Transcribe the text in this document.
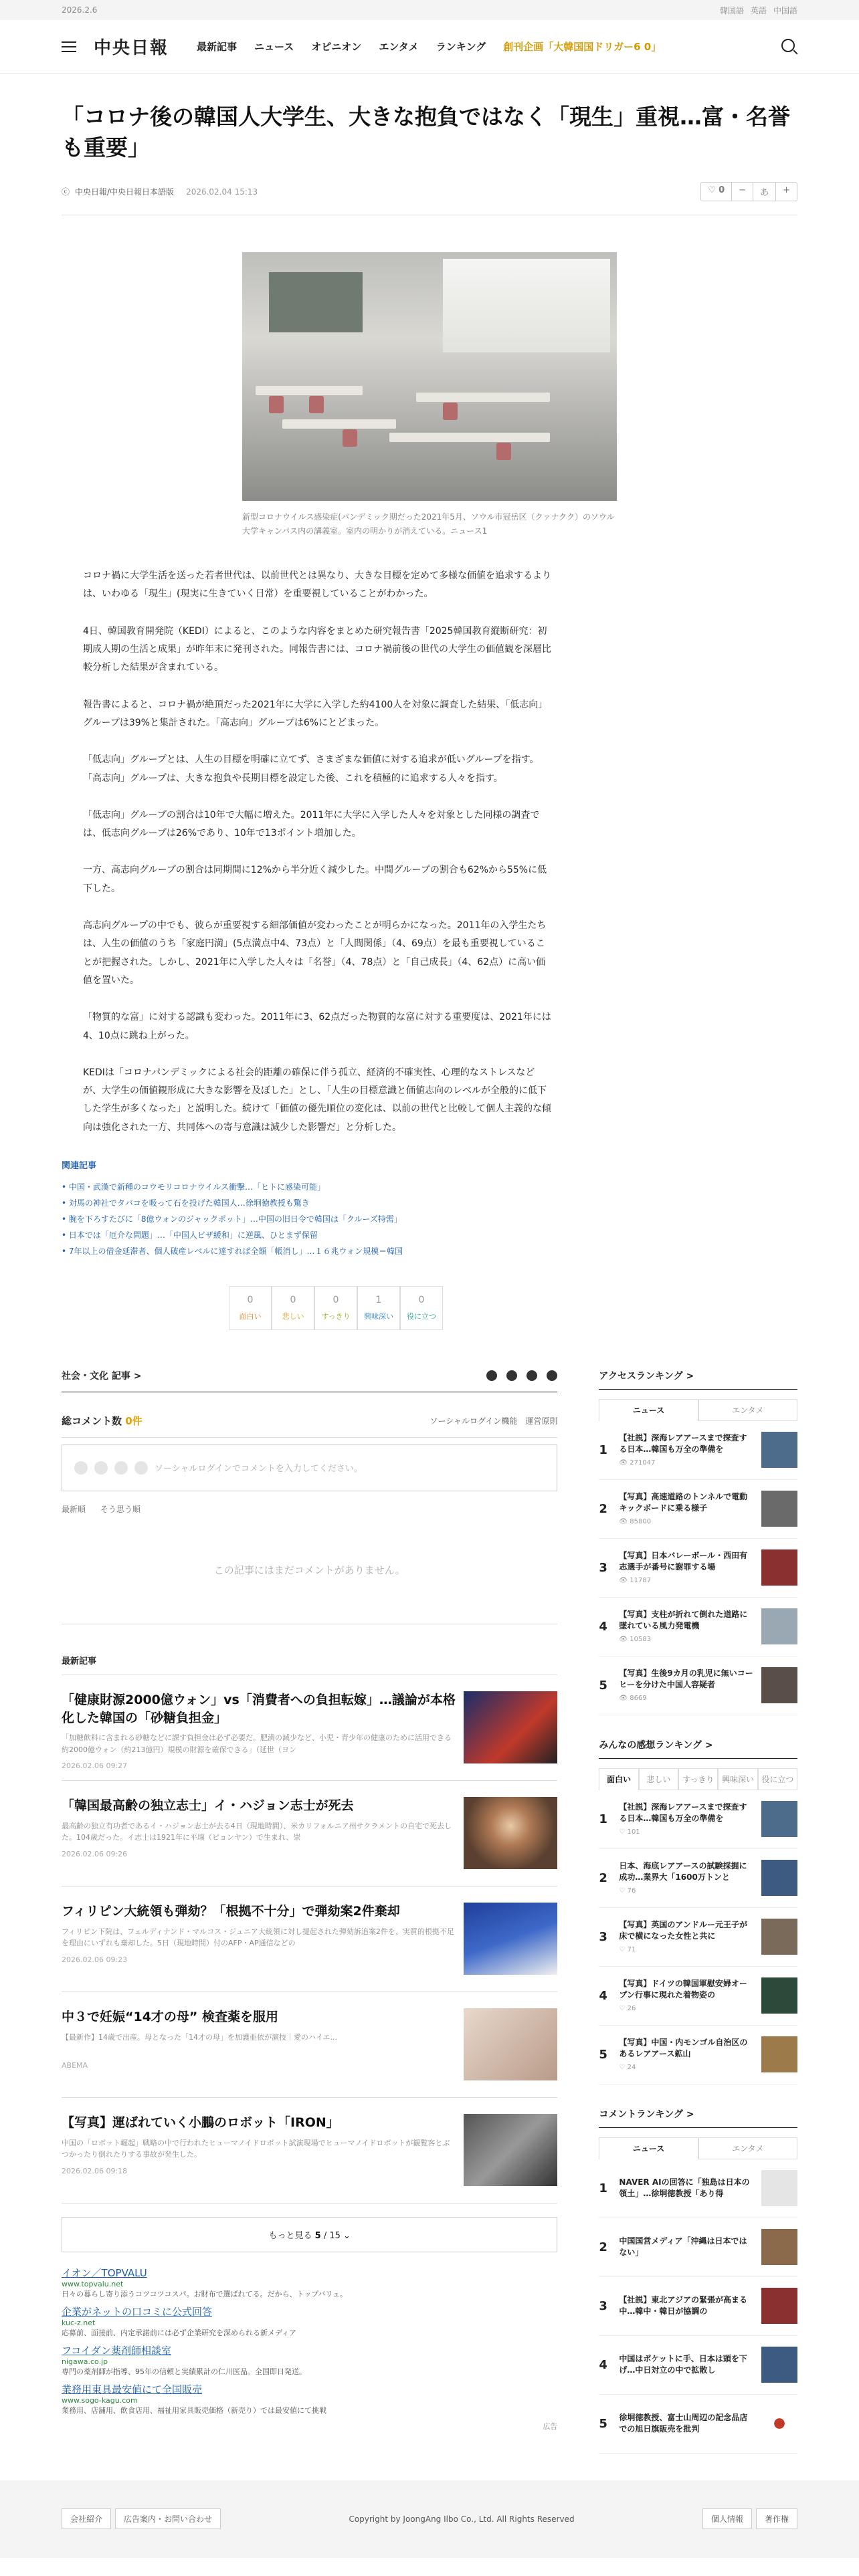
2026.2.6	韓国語 英語 中国語
中央日報	最新記事 ニュース オピニオン エンタメ ランキング 創刊企画「大韓国国ドリガー6 0」
「コロナ後の韓国人大学生、大きな抱負ではなく「現生」重視…富・名誉も重要」
ⓒ 中央日報/中央日報日本語版 2026.02.04 15:13	♡ 0	−	あ	+

新型コロナウイルス感染症(パンデミック期だった2021年5月、ソウル市冠岳区（クァナクク）のソウル大学キャンパス内の講義室。室内の明かりが消えている。ニュース1

コロナ禍に大学生活を送った若者世代は、以前世代とは異なり、大きな目標を定めて多様な価値を追求するよりは、いわゆる「現生」(現実に生きていく日常）を重要視していることがわかった。

4日、韓国教育開発院（KEDI）によると、このような内容をまとめた研究報告書「2025韓国教育縦断研究：初期成人期の生活と成果」が昨年末に発刊された。同報告書には、コロナ禍前後の世代の大学生の価値観を深層比較分析した結果が含まれている。

報告書によると、コロナ禍が絶頂だった2021年に大学に入学した約4100人を対象に調査した結果、「低志向」グループは39%と集計された。「高志向」グループは6%にとどまった。

「低志向」グループとは、人生の目標を明確に立てず、さまざまな価値に対する追求が低いグループを指す。「高志向」グループは、大きな抱負や長期目標を設定した後、これを積極的に追求する人々を指す。

「低志向」グループの割合は10年で大幅に増えた。2011年に大学に入学した人々を対象とした同様の調査では、低志向グループは26%であり、10年で13ポイント増加した。

一方、高志向グループの割合は同期間に12%から半分近く減少した。中間グループの割合も62%から55%に低下した。

高志向グループの中でも、彼らが重要視する細部価値が変わったことが明らかになった。2011年の入学生たちは、人生の価値のうち「家庭円満」(5点満点中4、73点）と「人間関係」（4、69点）を最も重要視していることが把握された。しかし、2021年に入学した人々は「名誉」（4、78点）と「自己成長」（4、62点）に高い価値を置いた。

「物質的な富」に対する認識も変わった。2011年に3、62点だった物質的な富に対する重要度は、2021年には4、10点に跳ね上がった。

KEDIは「コロナパンデミックによる社会的距離の確保に伴う孤立、経済的不確実性、心理的なストレスなどが、大学生の価値観形成に大きな影響を及ぼした」とし、「人生の目標意識と価値志向のレベルが全般的に低下した学生が多くなった」と説明した。続けて「価値の優先順位の変化は、以前の世代と比較して個人主義的な傾向は強化された一方、共同体への寄与意識は減少した影響だ」と分析した。

関連記事
• 中国・武漢で新種のコウモリコロナウイルス衝撃…「ヒトに感染可能」
• 対馬の神社でタバコを吸って石を投げた韓国人…徐坰徳教授も驚き
• 腕を下ろすたびに「8億ウォンのジャックポット」…中国の旧日令で韓国は「クルーズ特需」
• 日本では「厄介な問題」…「中国人ビザ緩和」に逆風、ひとまず保留
• 7年以上の借金延滞者、個人破産レベルに達すれば全額「帳消し」…１６兆ウォン規模＝韓国
0
面白い
0
悲しい
0
すっきり
1
興味深い
0
役に立つ
社会・文化 記事 >
総コメント数 0件	ソーシャルログイン機能 運営原則
ソーシャルログインでコメントを入力してください。
最新順 そう思う順
この記事にはまだコメントがありません。
最新記事
「健康財源2000億ウォン」vs「消費者への負担転嫁」…議論が本格化した韓国の「砂糖負担金」
「加糖飲料に含まれる砂糖などに課す負担金は必ず必要だ。肥満の減少など、小児・青少年の健康のために活用できる約2000億ウォン（約213億円）規模の財源を確保できる」（延世（ヨン
2026.02.06 09:27
「韓国最高齢の独立志士」イ・ハジョン志士が死去
最高齢の独立有功者であるイ・ハジョン志士が去る4日（現地時間）、米カリフォルニア州サクラメントの自宅で死去した。104歳だった。イ志士は1921年に平壌（ピョンヤン）で生まれ、崇
2026.02.06 09:26
フィリピン大統領も弾劾？「根拠不十分」で弾劾案2件棄却
フィリピン下院は、フェルディナンド・マルコス・ジュニア大統領に対し提起された弾劾訴追案2件を、実質的根拠不足を理由にいずれも棄却した。5日（現地時間）付のAFP・AP通信などの
2026.02.06 09:23
中３で妊娠“14才の母” 検査薬を服用
【最新作】14歳で出産。母となった「14才の母」を加護亜依が演技｜愛のハイエ...
ABEMA
【写真】運ばれていく小鵬のロボット「IRON」
中国の「ロボット崛起」戦略の中で行われたヒューマノイドロボット試演現場でヒューマノイドロボットが観覧客とぶつかったり倒れたりする事故が発生した。
2026.02.06 09:18
もっと見る 5 / 15 ⌄
イオン／TOPVALU
www.topvalu.net
日々の暮らし寄り添うコツコツコスパ。お財布で選ばれてる。だから、トップバリュ。
企業がネットの口コミに公式回答
kuc-z.net
応募前、面接前、内定承諾前には必ず企業研究を深められる新メディア
フコイダン薬剤師相談室
nigawa.co.jp
専門の薬剤師が指導、95年の信頼と実績累計の仁川医品。全国即日発送。
業務用東具最安値にて全国販売
www.sogo-kagu.com
業務用、店舗用、飲食店用、福祉用家具販売価格（新売り）では最安値にて挑戦
広告
アクセスランキング >
ニュース	エンタメ
1
【社説】深海レアアースまで探査する日本…韓国も万全の準備を
👁 271047
2
【写真】高速道路のトンネルで電動キックボードに乗る様子
👁 85800
3
【写真】日本バレーボール・西田有志選手が番号に謝罪する場
👁 11787
4
【写真】支柱が折れて倒れた道路に墜れている風力発電機
👁 10583
5
【写真】生後9カ月の乳児に無いコーヒーを分けた中国人容疑者
👁 8669
みんなの感想ランキング >
面白い	悲しい	すっきり 興味深い 役に立つ
1
【社説】深海レアアースまで探査する日本…韓国も万全の準備を
♡ 101
2
日本、海底レアアースの試験採掘に成功…業界大「1600万トンと
♡ 76
3
【写真】英国のアンドルー元王子が床で横になった女性と共に
♡ 71
4
【写真】ドイツの韓国軍慰安婦オープン行事に現れた着物姿の
♡ 26
5
【写真】中国・内モンゴル自治区のあるレアアース鉱山
♡ 24
コメントランキング >
ニュース	エンタメ
1	NAVER AIの回答に「独島は日本の領土」…徐坰徳教授「あり得
2	中国国営メディア「沖縄は日本ではない」
3	【社説】東北アジアの緊張が高まる中…韓中・韓日が協調の
4	中国はポケットに手、日本は頭を下げ…中日対立の中で拡散し
5	徐坰徳教授、富士山周辺の記念品店での旭日旗販売を批判
会社紹介	広告案内・お問い合わせ	Copyright by JoongAng Ilbo Co., Ltd. All Rights Reserved	個人情報	著作権
